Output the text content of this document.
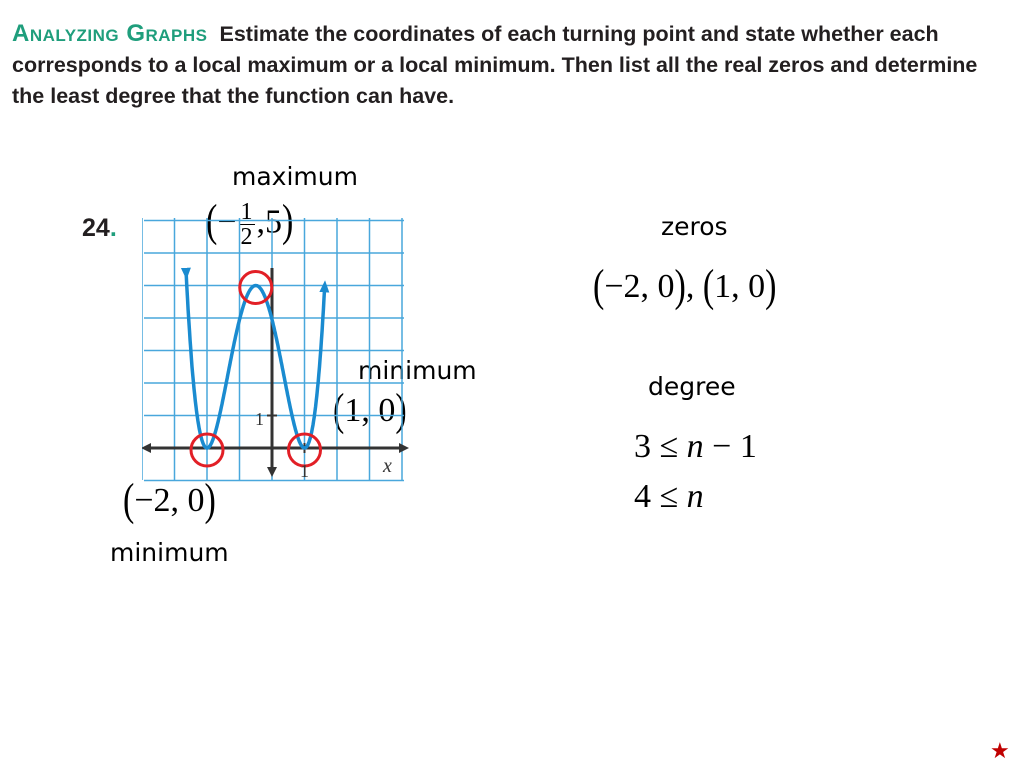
Analyzing Graphs Estimate the coordinates of each turning point and state whether each corresponds to a local maximum or a local minimum. Then list all the real zeros and determine the least degree that the function can have.
24.
maximum
minimum
minimum
zeros
degree
(− $\frac{1}{2} ,5$)
(1, 0)
(−2, 0)
(−2, 0), (1, 0)
3 ≤ n − 1
4 ≤ n
1
1	x
★
